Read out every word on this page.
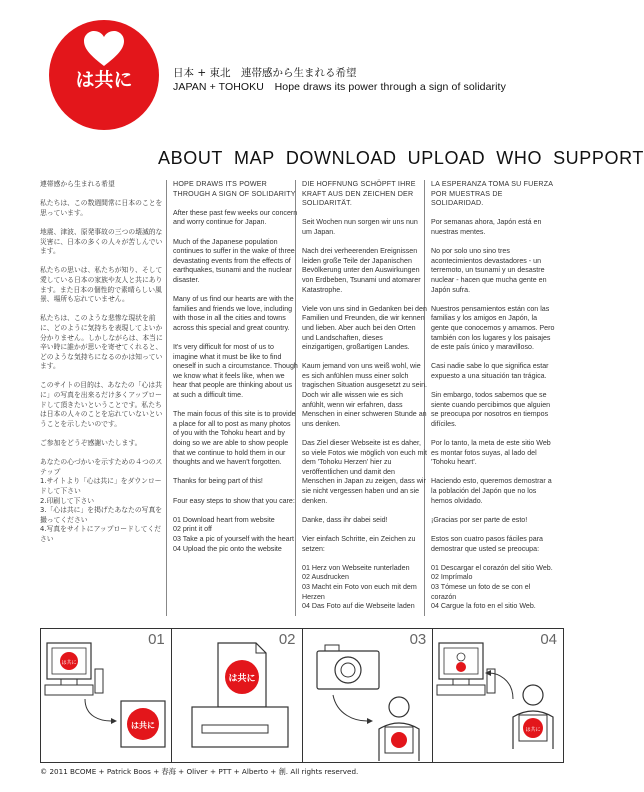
は共に	日本 + 東北　連帯感から生まれる希望
JAPAN + TOHOKU　Hope draws its power through a sign of solidarity
ABOUT MAP DOWNLOAD UPLOAD WHO SUPPORT

連帯感から生まれる希望

私たちは、この数週間常に日本のことを思っています。

地震、津波、原発事故の三つの壊滅的な災害に、日本の多くの人々が苦しんでいます。

私たちの思いは、私たちが知り、そして愛している日本の家族や友人と共にあります。また日本の個性的で素晴らしい風景、場所も忘れていません。

私たちは、このような悲惨な現状を前に、どのように気持ちを表現してよいか分かりません。しかしながらは、本当に辛い時に誰かが思いを寄せてくれると、どのような気持ちになるのかは知っています。

このサイトの目的は、あなたの「心は共に」の写真を出来るだけ多くアップロードして頂きたいということです。私たちは日本の人々のことを忘れていないということを示したいのです。

ご参加をどうぞ感謝いたします。

あなたの心づかいを示すための４つのステップ
1.サイトより「心は共に」をダウンロードして下さい
2.印刷して下さい
3.「心は共に」を掲げたあなたの写真を撮ってください
4.写真をサイトにアップロードしてください

HOPE DRAWS ITS POWER THROUGH A SIGN OF SOLIDARITY

After these past few weeks our concern and worry continue for Japan.

Much of the Japanese population continues to suffer in the wake of three devastating events from the effects of earthquakes, tsunami and the nuclear disaster.

Many of us find our hearts are with the families and friends we love, including with those in all the cities and towns across this special and great country.

It's very difficult for most of us to imagine what it must be like to find oneself in such a circumstance. Though we know what it feels like, when we hear that people are thinking about us at such a difficult time.

The main focus of this site is to provide a place for all to post as many photos of you with the Tohoku heart and by doing so we are able to show people that we continue to hold them in our thoughts and we haven't forgotten.

Thanks for being part of this!

Four easy steps to show that you care:

01 Download heart from website
02 print it off
03 Take a pic of yourself with the heart
04 Upload the pic onto the website

DIE HOFFNUNG SCHÖPFT IHRE KRAFT AUS DEN ZEICHEN DER SOLIDARITÄT.

Seit Wochen nun sorgen wir uns nun um Japan.

Nach drei verheerenden Ereignissen leiden große Teile der Japanischen Bevölkerung unter den Auswirkungen von Erdbeben, Tsunami und atomarer Katastrophe.

Viele von uns sind in Gedanken bei den Familien und Freunden, die wir kennen und lieben. Aber auch bei den Orten und Landschaften, dieses einzigartigen, großartigen Landes.

Kaum jemand von uns weiß wohl, wie es sich anfühlen muss einer solch tragischen Situation ausgesetzt zu sein. Doch wir alle wissen wie es sich anfühlt, wenn wir erfahren, dass Menschen in einer schweren Stunde an uns denken.

Das Ziel dieser Webseite ist es daher, so viele Fotos wie möglich von euch mit dem 'Tohoku Herzen' hier zu veröffentlichen und damit den Menschen in Japan zu zeigen, dass wir sie nicht vergessen haben und an sie denken.

Danke, dass ihr dabei seid!

Vier einfach Schritte, ein Zeichen zu setzen:

01 Herz von Webseite runterladen
02 Ausdrucken
03 Macht ein Foto von euch mit dem Herzen
04 Das Foto auf die Webseite laden

LA ESPERANZA TOMA SU FUERZA POR MUESTRAS DE SOLIDARIDAD.

Por semanas ahora, Japón está en nuestras mentes.

No por solo uno sino tres acontecimientos devastadores - un terremoto, un tsunami y un desastre nuclear - hacen que mucha gente en Japón sufra.

Nuestros pensamientos están con las familias y los amigos en Japón, la gente que conocemos y amamos. Pero también con los lugares y los paisajes de este país único y maravilloso.

Casi nadie sabe lo que significa estar expuesto a una situación tan trágica.

Sin embargo, todos sabemos que se siente cuando percibimos que alguien se preocupa por nosotros en tiempos difíciles.

Por lo tanto, la meta de este sitio Web es montar fotos suyas, al lado del 'Tohoku heart'.

Haciendo esto, queremos demostrar a la población del Japón que no los hemos olvidado.

¡Gracias por ser parte de esto!

Estos son cuatro pasos fáciles para demostrar que usted se preocupa:

01 Descargar el corazón del sitio Web.
02 Imprímalo
03 Tómese un foto de se con el corazón
04 Cargue la foto en el sitio Web.

01
は共に
は共に
02
は共に
03	04
は共に
© 2011 BCOME + Patrick Boos + 春海 + Oliver + PTT + Alberto + 創. All rights reserved.
